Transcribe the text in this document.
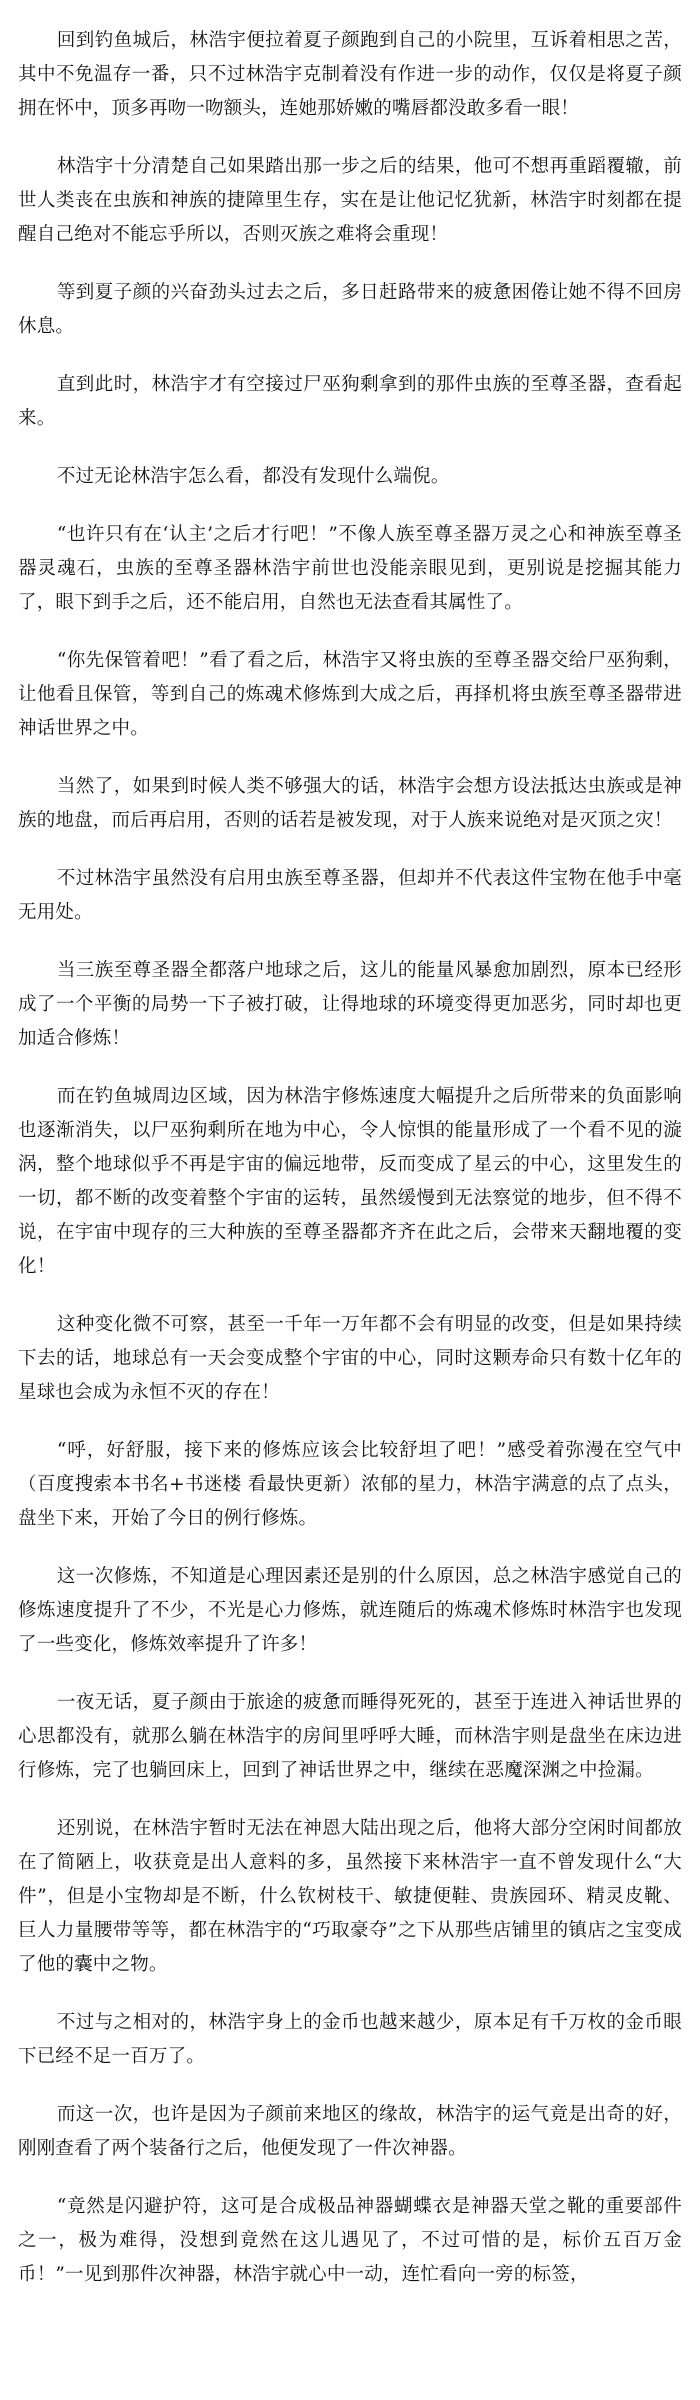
回到钓鱼城后，林浩宇便拉着夏子颜跑到自己的小院里，互诉着相思之苦，其中不免温存一番，只不过林浩宇克制着没有作进一步的动作，仅仅是将夏子颜拥在怀中，顶多再吻一吻额头，连她那娇嫩的嘴唇都没敢多看一眼！

林浩宇十分清楚自己如果踏出那一步之后的结果，他可不想再重蹈覆辙，前世人类丧在虫族和神族的捷障里生存，实在是让他记忆犹新，林浩宇时刻都在提醒自己绝对不能忘乎所以，否则灭族之难将会重现！

等到夏子颜的兴奋劲头过去之后，多日赶路带来的疲惫困倦让她不得不回房休息。

直到此时，林浩宇才有空接过尸巫狗剩拿到的那件虫族的至尊圣器，查看起来。

不过无论林浩宇怎么看，都没有发现什么端倪。

“也许只有在‘认主’之后才行吧！”不像人族至尊圣器万灵之心和神族至尊圣器灵魂石，虫族的至尊圣器林浩宇前世也没能亲眼见到，更别说是挖掘其能力了，眼下到手之后，还不能启用，自然也无法查看其属性了。

“你先保管着吧！”看了看之后，林浩宇又将虫族的至尊圣器交给尸巫狗剩，让他看且保管，等到自己的炼魂术修炼到大成之后，再择机将虫族至尊圣器带进神话世界之中。

当然了，如果到时候人类不够强大的话，林浩宇会想方设法抵达虫族或是神族的地盘，而后再启用，否则的话若是被发现，对于人族来说绝对是灭顶之灾！

不过林浩宇虽然没有启用虫族至尊圣器，但却并不代表这件宝物在他手中毫无用处。

当三族至尊圣器全都落户地球之后，这儿的能量风暴愈加剧烈，原本已经形成了一个平衡的局势一下子被打破，让得地球的环境变得更加恶劣，同时却也更加适合修炼！

而在钓鱼城周边区域，因为林浩宇修炼速度大幅提升之后所带来的负面影响也逐渐消失，以尸巫狗剩所在地为中心，令人惊惧的能量形成了一个看不见的漩涡，整个地球似乎不再是宇宙的偏远地带，反而变成了星云的中心，这里发生的一切，都不断的改变着整个宇宙的运转，虽然缓慢到无法察觉的地步，但不得不说，在宇宙中现存的三大种族的至尊圣器都齐齐在此之后，会带来天翻地覆的变化！

这种变化微不可察，甚至一千年一万年都不会有明显的改变，但是如果持续下去的话，地球总有一天会变成整个宇宙的中心，同时这颗寿命只有数十亿年的星球也会成为永恒不灭的存在！

“呼，好舒服，接下来的修炼应该会比较舒坦了吧！”感受着弥漫在空气中（百度搜索本书名+书迷楼 看最快更新）浓郁的星力，林浩宇满意的点了点头，盘坐下来，开始了今日的例行修炼。

这一次修炼，不知道是心理因素还是别的什么原因，总之林浩宇感觉自己的修炼速度提升了不少，不光是心力修炼，就连随后的炼魂术修炼时林浩宇也发现了一些变化，修炼效率提升了许多！

一夜无话，夏子颜由于旅途的疲惫而睡得死死的，甚至于连进入神话世界的心思都没有，就那么躺在林浩宇的房间里呼呼大睡，而林浩宇则是盘坐在床边进行修炼，完了也躺回床上，回到了神话世界之中，继续在恶魔深渊之中捡漏。

还别说，在林浩宇暂时无法在神恩大陆出现之后，他将大部分空闲时间都放在了简陋上，收获竟是出人意料的多，虽然接下来林浩宇一直不曾发现什么“大件”，但是小宝物却是不断，什么钦树枝干、敏捷便鞋、贵族园环、精灵皮靴、巨人力量腰带等等，都在林浩宇的“巧取豪夺”之下从那些店铺里的镇店之宝变成了他的囊中之物。

不过与之相对的，林浩宇身上的金币也越来越少，原本足有千万枚的金币眼下已经不足一百万了。

而这一次，也许是因为子颜前来地区的缘故，林浩宇的运气竟是出奇的好，刚刚查看了两个装备行之后，他便发现了一件次神器。

“竟然是闪避护符，这可是合成极品神器蝴蝶衣是神器天堂之靴的重要部件之一，极为难得，没想到竟然在这儿遇见了，不过可惜的是，标价五百万金币！”一见到那件次神器，林浩宇就心中一动，连忙看向一旁的标签，
